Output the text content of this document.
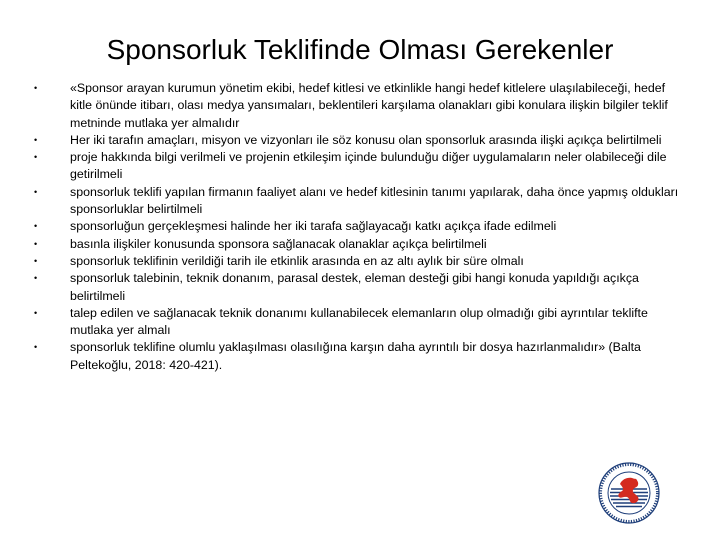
Sponsorluk Teklifinde Olması Gerekenler
•	«Sponsor arayan kurumun yönetim ekibi, hedef kitlesi ve etkinlikle hangi hedef kitlelere ulaşılabileceği, hedef kitle önünde itibarı, olası medya yansımaları, beklentileri karşılama olanakları gibi konulara ilişkin bilgiler teklif metninde mutlaka yer almalıdır
•	Her iki tarafın amaçları, misyon ve vizyonları ile söz konusu olan sponsorluk arasında ilişki açıkça belirtilmeli
•	proje hakkında bilgi verilmeli ve projenin etkileşim içinde bulunduğu diğer uygulamaların neler olabileceği dile getirilmeli
•	sponsorluk teklifi yapılan firmanın faaliyet alanı ve hedef kitlesinin tanımı yapılarak, daha önce yapmış oldukları sponsorluklar belirtilmeli
•	sponsorluğun gerçekleşmesi halinde her iki tarafa sağlayacağı katkı açıkça ifade edilmeli
•	basınla ilişkiler konusunda sponsora sağlanacak olanaklar açıkça belirtilmeli
•	sponsorluk teklifinin verildiği tarih ile etkinlik arasında en az altı aylık bir süre olmalı
•	sponsorluk talebinin, teknik donanım, parasal destek, eleman desteği gibi hangi konuda yapıldığı açıkça belirtilmeli
•	talep edilen ve sağlanacak teknik donanımı kullanabilecek elemanların olup olmadığı gibi ayrıntılar teklifte mutlaka yer almalı
•	sponsorluk teklifine olumlu yaklaşılması olasılığına karşın daha ayrıntılı bir dosya hazırlanmalıdır» (Balta Peltekoğlu, 2018: 420-421).
